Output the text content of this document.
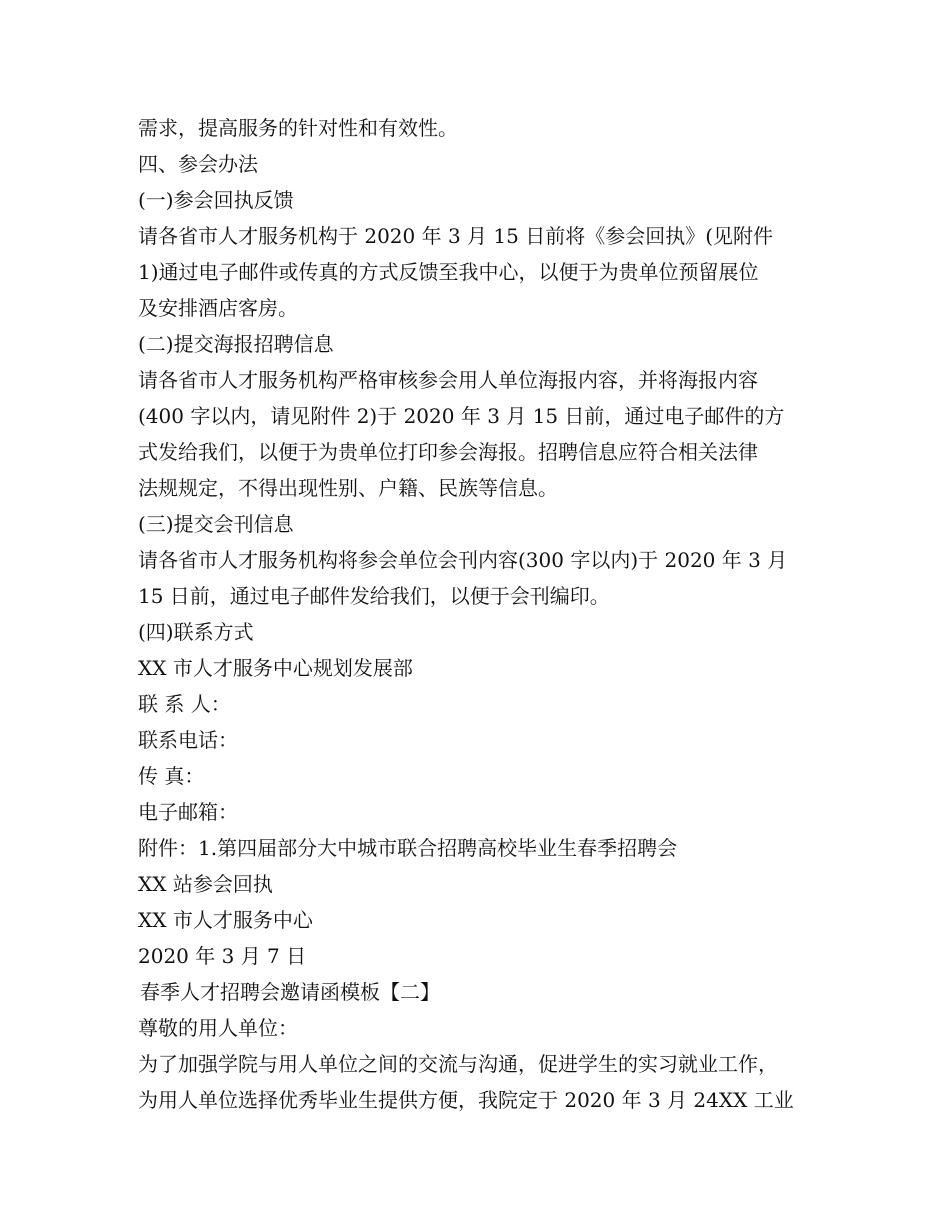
需求，提高服务的针对性和有效性。
四、参会办法
(一)参会回执反馈
请各省市人才服务机构于 2020 年 3 月 15 日前将《参会回执》(见附件
1)通过电子邮件或传真的方式反馈至我中心，以便于为贵单位预留展位
及安排酒店客房。
(二)提交海报招聘信息
请各省市人才服务机构严格审核参会用人单位海报内容，并将海报内容
(400 字以内，请见附件 2)于 2020 年 3 月 15 日前，通过电子邮件的方
式发给我们，以便于为贵单位打印参会海报。招聘信息应符合相关法律
法规规定，不得出现性别、户籍、民族等信息。
(三)提交会刊信息
请各省市人才服务机构将参会单位会刊内容(300 字以内)于 2020 年 3 月
15 日前，通过电子邮件发给我们，以便于会刊编印。
(四)联系方式
XX 市人才服务中心规划发展部
联 系 人：
联系电话：
传 真：
电子邮箱：
附件：1.第四届部分大中城市联合招聘高校毕业生春季招聘会
XX 站参会回执
XX 市人才服务中心
2020 年 3 月 7 日
春季人才招聘会邀请函模板【二】
尊敬的用人单位：
为了加强学院与用人单位之间的交流与沟通，促进学生的实习就业工作，
为用人单位选择优秀毕业生提供方便，我院定于 2020 年 3 月 24XX 工业
